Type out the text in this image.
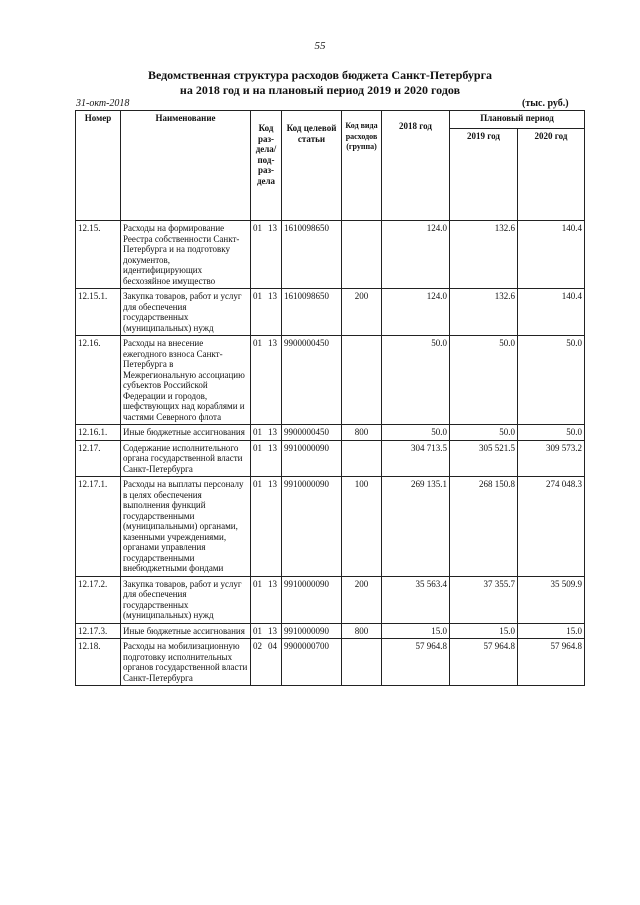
55
Ведомственная структура расходов бюджета Санкт-Петербурга
на 2018 год и на плановый период 2019 и 2020 годов
31-окт-2018	(тыс. руб.)
Номер	Наименование	Код раз-дела/ под-раз-дела	Код целевой статьи	Код вида расходов (группа)	2018 год	Плановый период	
						2019 год	2020 год
12.15.	Расходы на формирование Реестра собственности Санкт-Петербурга и на подготовку документов, идентифицирующих бесхозяйное имущество	01 13	1610098650		124.0	132.6	140.4
12.15.1.	Закупка товаров, работ и услуг для обеспечения государственных (муниципальных) нужд	01 13	1610098650	200	124.0	132.6	140.4
12.16.	Расходы на внесение ежегодного взноса Санкт-Петербурга в Межрегиональную ассоциацию субъектов Российской Федерации и городов, шефствующих над кораблями и частями Северного флота	01 13	9900000450		50.0	50.0	50.0
12.16.1.	Иные бюджетные ассигнования	01 13	9900000450	800	50.0	50.0	50.0
12.17.	Содержание исполнительного органа государственной власти Санкт-Петербурга	01 13	9910000090		304 713.5	305 521.5	309 573.2
12.17.1.	Расходы на выплаты персоналу в целях обеспечения выполнения функций государственными (муниципальными) органами, казенными учреждениями, органами управления государственными внебюджетными фондами	01 13	9910000090	100	269 135.1	268 150.8	274 048.3
12.17.2.	Закупка товаров, работ и услуг для обеспечения государственных (муниципальных) нужд	01 13	9910000090	200	35 563.4	37 355.7	35 509.9
12.17.3.	Иные бюджетные ассигнования	01 13	9910000090	800	15.0	15.0	15.0
12.18.	Расходы на мобилизационную подготовку исполнительных органов государственной власти Санкт-Петербурга	02 04	9900000700		57 964.8	57 964.8	57 964.8
